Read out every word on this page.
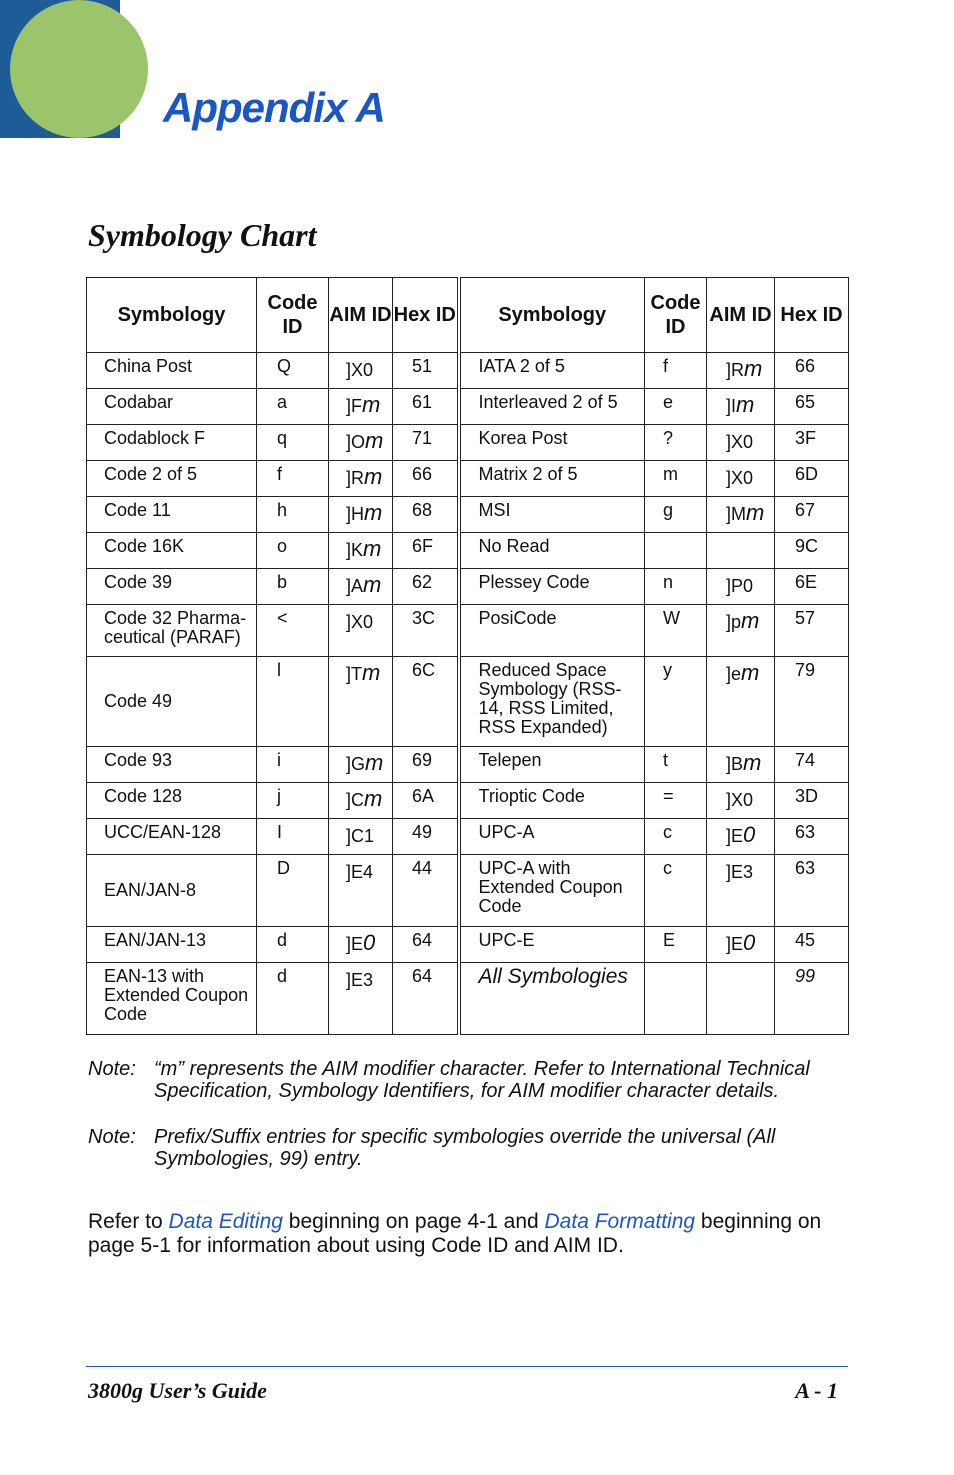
Appendix A
Symbology Chart
Symbology	Code ID	AIM ID	Hex ID	Symbology	Code ID	AIM ID	Hex ID
China Post	Q	]X0	51	IATA 2 of 5	f	]Rm	66
Codabar	a	]Fm	61	Interleaved 2 of 5	e	]Im	65
Codablock F	q	]Om	71	Korea Post	?	]X0	3F
Code 2 of 5	f	]Rm	66	Matrix 2 of 5	m	]X0	6D
Code 11	h	]Hm	68	MSI	g	]Mm	67
Code 16K	o	]Km	6F	No Read			9C
Code 39	b	]Am	62	Plessey Code	n	]P0	6E
Code 32 Pharma-ceutical (PARAF)	<	]X0	3C	PosiCode	W	]pm	57
Code 49	l	]Tm	6C	Reduced Space Symbology (RSS-14, RSS Limited, RSS Expanded)	y	]em	79
Code 93	i	]Gm	69	Telepen	t	]Bm	74
Code 128	j	]Cm	6A	Trioptic Code	=	]X0	3D
UCC/EAN-128	I	]C1	49	UPC-A	c	]E0	63
EAN/JAN-8	D	]E4	44	UPC-A with Extended Coupon Code	c	]E3	63
EAN/JAN-13	d	]E0	64	UPC-E	E	]E0	45
EAN-13 with Extended Coupon Code	d	]E3	64	All Symbologies			99
Note: “m” represents the AIM modifier character. Refer to International Technical Specification, Symbology Identifiers, for AIM modifier character details.
Note: Prefix/Suffix entries for specific symbologies override the universal (All Symbologies, 99) entry.
Refer to Data Editing beginning on page 4-1 and Data Formatting beginning on page 5-1 for information about using Code ID and AIM ID.
3800g User’s Guide	A - 1
